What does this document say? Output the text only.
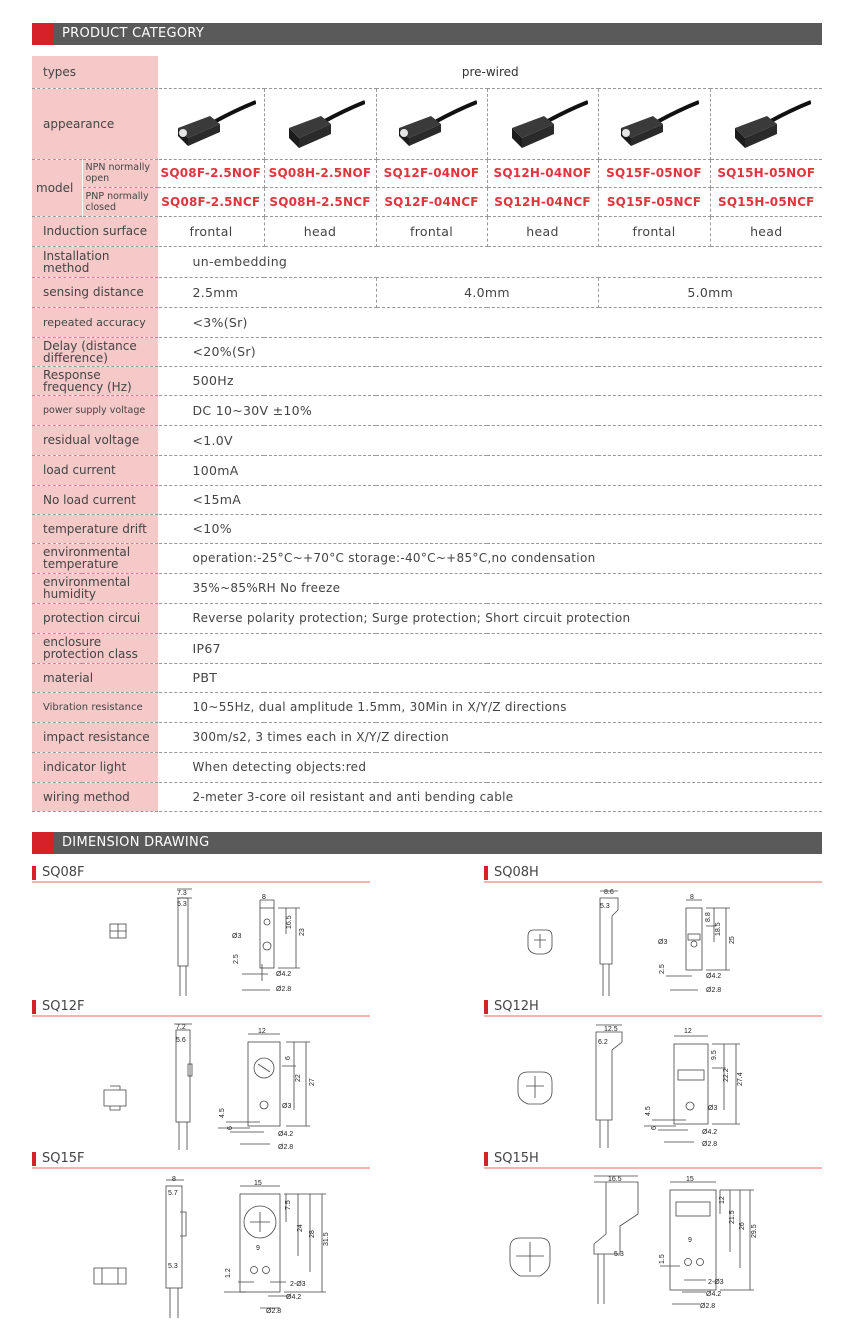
PRODUCT CATEGORY
types		pre-wired					
appearance	

model	NPN normally open	SQ08F-2.5NOF	SQ08H-2.5NOF	SQ12F-04NOF	SQ12H-04NOF	SQ15F-05NOF	SQ15H-05NOF
	PNP normally closed	SQ08F-2.5NCF	SQ08H-2.5NCF	SQ12F-04NCF	SQ12H-04NCF	SQ15F-05NCF	SQ15H-05NCF
Induction surface		frontal	head	frontal	head	frontal	head

Installation method		un-embedding					
sensing distance		2.5mm		4.0mm		5.0mm	
repeated accuracy		<3%(Sr)					

Delay (distance difference)		<20%(Sr)					

Response frequency (Hz)		500Hz					
power supply voltage		DC 10~30V ±10%					
residual voltage		<1.0V					
load current		100mA					
No load current		<15mA					
temperature drift		<10%					

environmental temperature		operation:-25°C~+70°C storage:-40°C~+85°C,no condensation					

environmental humidity		35%~85%RH No freeze					
protection circui		Reverse polarity protection; Surge protection; Short circuit protection					

enclosure protection class		IP67					
material		PBT					
Vibration resistance		10~55Hz, dual amplitude 1.5mm, 30Min in X/Y/Z directions					
impact resistance		300m/s2, 3 times each in X/Y/Z direction					
indicator light		When detecting objects:red					
wiring method		2-meter 3-core oil resistant and anti bending cable					
DIMENSION DRAWING
SQ08F	SQ08H
SQ12F	SQ12H
SQ15F	SQ15H
7.3
5.3
8
Ø3
16.5
23
2.5
Ø4.2
Ø2.8
8.6
5.3
8
8.8
18.5
25
Ø3
2.5
Ø4.2
Ø2.8
7.2
5.6
12
6
22
27
Ø3
4.5
6
Ø4.2
Ø2.8
12.5
6.2
12
9.5
22.2 27.4
Ø3
4.5
6
Ø4.2
Ø2.8
8
5.7
5.3
15
7.5
24
28 31.5
9
1.2
2-Ø3
Ø4.2
Ø2.8
16.5
5.3
15
12
21.5
26 29.5
9
1.5
2-Ø3
Ø4.2
Ø2.8
